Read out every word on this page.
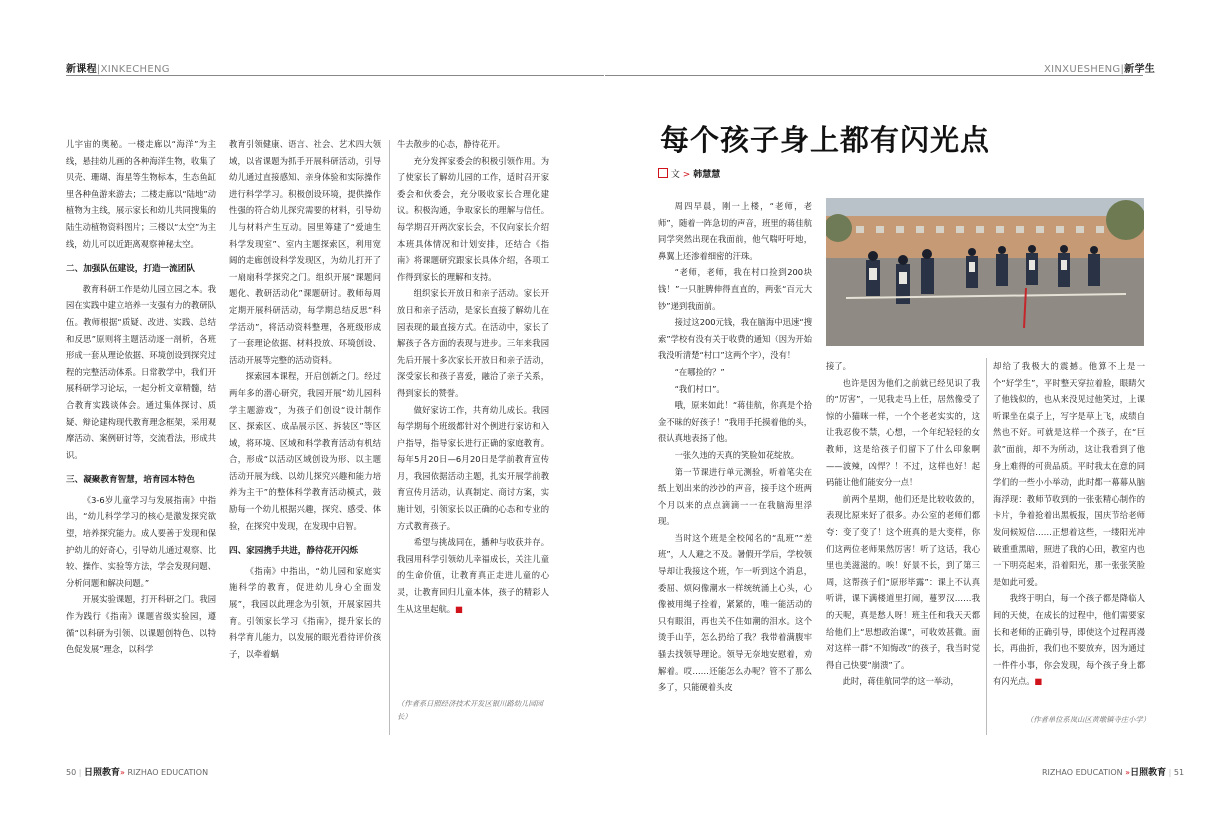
新课程|XINKECHENG

儿宇宙的奥秘。一楼走廊以“海洋”为主线，悬挂幼儿画的各种海洋生物，收集了贝壳、珊瑚、海星等生物标本，生态鱼缸里各种鱼游来游去；二楼走廊以“陆地”动植物为主线，展示家长和幼儿共同搜集的陆生动植物资料图片；三楼以“太空”为主线，幼儿可以近距离观察神秘太空。

二、加强队伍建设，打造一流团队

教育科研工作是幼儿园立园之本。我园在实践中建立培养一支强有力的教研队伍。教师根据“质疑、改进、实践、总结和反思”原则将主题活动逐一剖析，各班形成一套从理论依据、环境创设到探究过程的完整活动体系。日常教学中，我们开展科研学习论坛，一起分析文章精髓，结合教育实践谈体会。通过集体探讨、质疑、辩论建构现代教育理念框架，采用观摩活动、案例研讨等，交流看法，形成共识。

三、凝聚教育智慧，培育园本特色

《3-6岁儿童学习与发展指南》中指出，“幼儿科学学习的核心是激发探究欲望，培养探究能力。成人要善于发现和保护幼儿的好奇心，引导幼儿通过观察、比较、操作、实验等方法，学会发现问题、分析问题和解决问题。”

开展实验课题，打开科研之门。我园作为践行《指南》课题省级实验园，遵循“以科研为引领、以课题创特色、以特色促发展”理念，以科学

教育引领健康、语言、社会、艺术四大领域，以省课题为抓手开展科研活动，引导幼儿通过直接感知、亲身体验和实际操作进行科学学习。积极创设环境，提供操作性强的符合幼儿探究需要的材料，引导幼儿与材料产生互动。园里筹建了“爱迪生科学发现室”、室内主题探索区，利用宽阔的走廊创设科学发现区，为幼儿打开了一扇扇科学探究之门。组织开展“课题问题化、教研活动化”课题研讨。教师每周定期开展科研活动，每学期总结反思“科学活动”，将活动资料整理，各班级形成了一套理论依据、材料投放、环境创设、活动开展等完整的活动资料。

探索园本课程，开启创新之门。经过两年多的潜心研究，我园开展“幼儿园科学主题游戏”，为孩子们创设“设计制作区、探索区、成品展示区、拆装区”等区域，将环境、区域和科学教育活动有机结合，形成“以活动区域创设为形、以主题活动开展为线、以幼儿探究兴趣和能力培养为主干”的整体科学教育活动模式，鼓励每一个幼儿根据兴趣，探究、感受、体验，在探究中发现，在发现中启智。

四、家园携手共进，静待花开闪烁

《指南》中指出，“幼儿园和家庭实施科学的教育，促进幼儿身心全面发展”，我园以此理念为引领，开展家园共育。引领家长学习《指南》，提升家长的科学育儿能力，以发展的眼光看待评价孩子，以牵着蜗

牛去散步的心态，静待花开。

充分发挥家委会的积极引领作用。为了使家长了解幼儿园的工作，适时召开家委会和伙委会，充分吸收家长合理化建议。积极沟通，争取家长的理解与信任。每学期召开两次家长会，不仅向家长介绍本班具体情况和计划安排，还结合《指南》将课题研究跟家长具体介绍，各项工作得到家长的理解和支持。

组织家长开放日和亲子活动。家长开放日和亲子活动，是家长直接了解幼儿在园表现的最直接方式。在活动中，家长了解孩子各方面的表现与进步。三年来我园先后开展十多次家长开放日和亲子活动，深受家长和孩子喜爱，融洽了亲子关系，得到家长的赞誉。

做好家访工作，共育幼儿成长。我园每学期每个班级都针对个例进行家访和入户指导，指导家长进行正确的家庭教育。每年5月20日—6月20日是学前教育宣传月，我园依据活动主题，扎实开展学前教育宣传月活动，认真制定、商讨方案，实施计划，引领家长以正确的心态和专业的方式教育孩子。

希望与挑战同在，播种与收获并存。我园用科学引领幼儿幸福成长，关注儿童的生命价值，让教育真正走进儿童的心灵，让教育回归儿童本体，孩子的精彩人生从这里起航。■

（作者系日照经济技术开发区银川路幼儿园园长）
50 | 日照教育» RIZHAO EDUCATION
XINXUESHENG|新学生
每个孩子身上都有闪光点
文 > 韩慧慧

周四早晨，刚一上楼，“老师，老师”，随着一阵急切的声音，班里的蒋佳航同学突然出现在我面前，他气喘吁吁地，鼻翼上还渗着细密的汗珠。

“老师，老师，我在村口捡到200块钱！”一只脏脾伸得直直的，两张“百元大钞”递到我面前。

接过这200元钱，我在脑海中迅速“搜索”学校有没有关于收费的通知（因为开始我没听清楚“村口”这两个字），没有！

“在哪捡的？”

“我们村口”。

哦，原来如此！“蒋佳航，你真是个拾金不昧的好孩子！”我用手托摸着他的头，很认真地表扬了他。

一张久违的天真的笑脸如花绽放。

第一节课进行单元测验，听着笔尖在纸上划出来的沙沙的声音，接手这个班两个月以来的点点滴滴一一在我脑海里浮现。

当时这个班是全校闻名的“乱班”“差班”，人人避之不及。暑假开学后，学校领导却让我接这个班，乍一听到这个消息，委屈、烦闷像潮水一样统统涌上心头，心像被用绳子拴着，紧紧的，唯一能活动的只有眼泪，再也关不住如潮的泪水。这个烫手山芋，怎么扔给了我？我带着满腹牢骚去找领导理论。领导无奈地安慰着，劝解着。哎……还能怎么办呢？管不了那么多了，只能硬着头皮

接了。

也许是因为他们之前就已经见识了我的“厉害”，一见我走马上任，居然像受了惊的小猫咪一样，一个个老老实实的，这让我忍俊不禁，心想，一个年纪轻轻的女教师，这是给孩子们留下了什么印象啊——波辣，凶悍？！不过，这样也好！起码能让他们能安分一点！

前两个星期，他们还是比较收敛的，表现比原来好了很多。办公室的老师们都夸：变了变了！这个班真的是大变样，你们这两位老师果然厉害！听了这话，我心里也美滋滋的。唉！好景不长，到了第三周，这帮孩子们“原形毕露”：课上不认真听讲，课下满楼道里打闹，蔓罗汉……我的天呢，真是愁人呀！班主任和我天天都给他们上“思想政治课”，可收效甚微。面对这样一群“不知悔改”的孩子，我当时觉得自己快要“崩溃”了。

此时，蒋佳航同学的这一举动，

却给了我极大的震撼。他算不上是一个“好学生”，平时整天穿拉着脸，眼睛欠了他钱似的，也从来没见过他笑过，上课听课坐在桌子上，写字是草上飞，成绩自然也不好。可就是这样一个孩子，在“巨款”面前，却不为所动，这让我看到了他身上难得的可贵品质。平时我太在意的同学们的一些小小举动，此时都一幕幕从脑海浮现：教师节收到的一张张精心制作的卡片，争着抢着出黑板报，国庆节给老师发问候短信……正想着这些，一缕阳光冲破重重黑暗，照进了我的心田，教室内也一下明亮起来，沿着阳光，那一张张笑脸是如此可爱。

我终于明白，每一个孩子都是降临人间的天使，在成长的过程中，他们需要家长和老师的正确引导，即使这个过程再漫长，再曲折，我们也不要放弃，因为通过一件件小事，你会发现，每个孩子身上都有闪光点。■

（作者单位系岚山区黄墩镇寺庄小学）
RIZHAO EDUCATION »日照教育 | 51
